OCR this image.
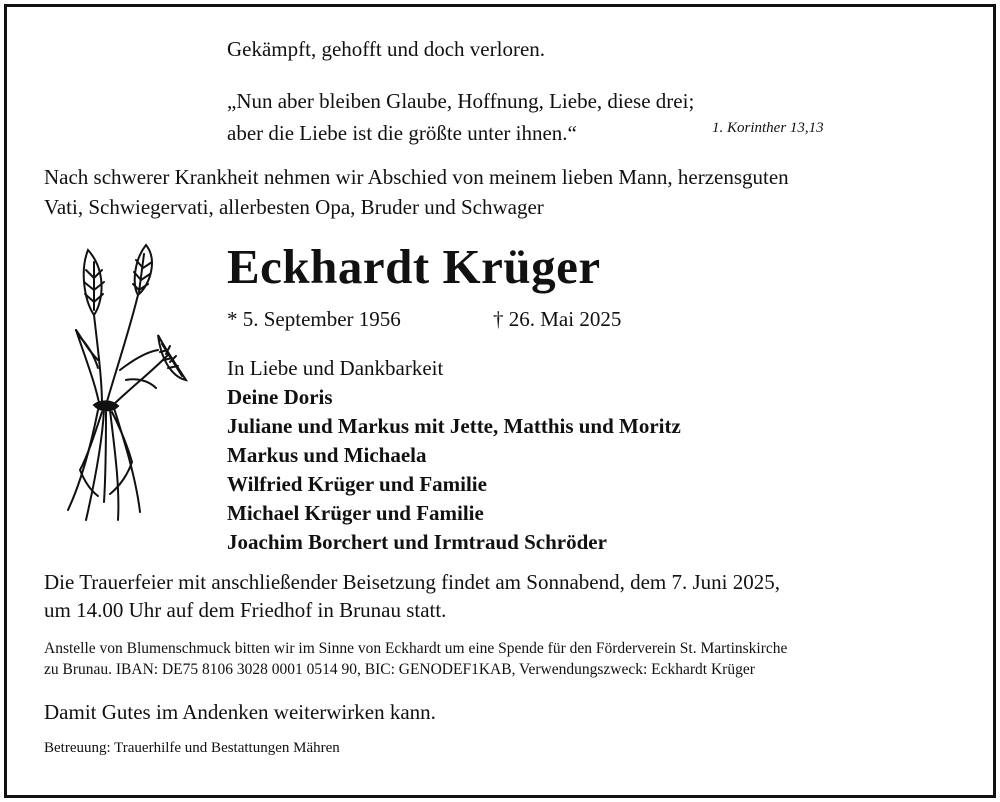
Gekämpft, gehofft und doch verloren.
„Nun aber bleiben Glaube, Hoffnung, Liebe, diese drei;
aber die Liebe ist die größte unter ihnen.“	1. Korinther 13,13
Nach schwerer Krankheit nehmen wir Abschied von meinem lieben Mann, herzensguten
Vati, Schwiegervati, allerbesten Opa, Bruder und Schwager
Eckhardt Krüger
* 5. September 1956	† 26. Mai 2025
In Liebe und Dankbarkeit
Deine Doris
Juliane und Markus mit Jette, Matthis und Moritz
Markus und Michaela
Wilfried Krüger und Familie
Michael Krüger und Familie
Joachim Borchert und Irmtraud Schröder
Die Trauerfeier mit anschließender Beisetzung findet am Sonnabend, dem 7. Juni 2025,
um 14.00 Uhr auf dem Friedhof in Brunau statt.
Anstelle von Blumenschmuck bitten wir im Sinne von Eckhardt um eine Spende für den Förderverein St. Martinskirche
zu Brunau. IBAN: DE75 8106 3028 0001 0514 90, BIC: GENODEF1KAB, Verwendungszweck: Eckhardt Krüger
Damit Gutes im Andenken weiterwirken kann.
Betreuung: Trauerhilfe und Bestattungen Mähren
